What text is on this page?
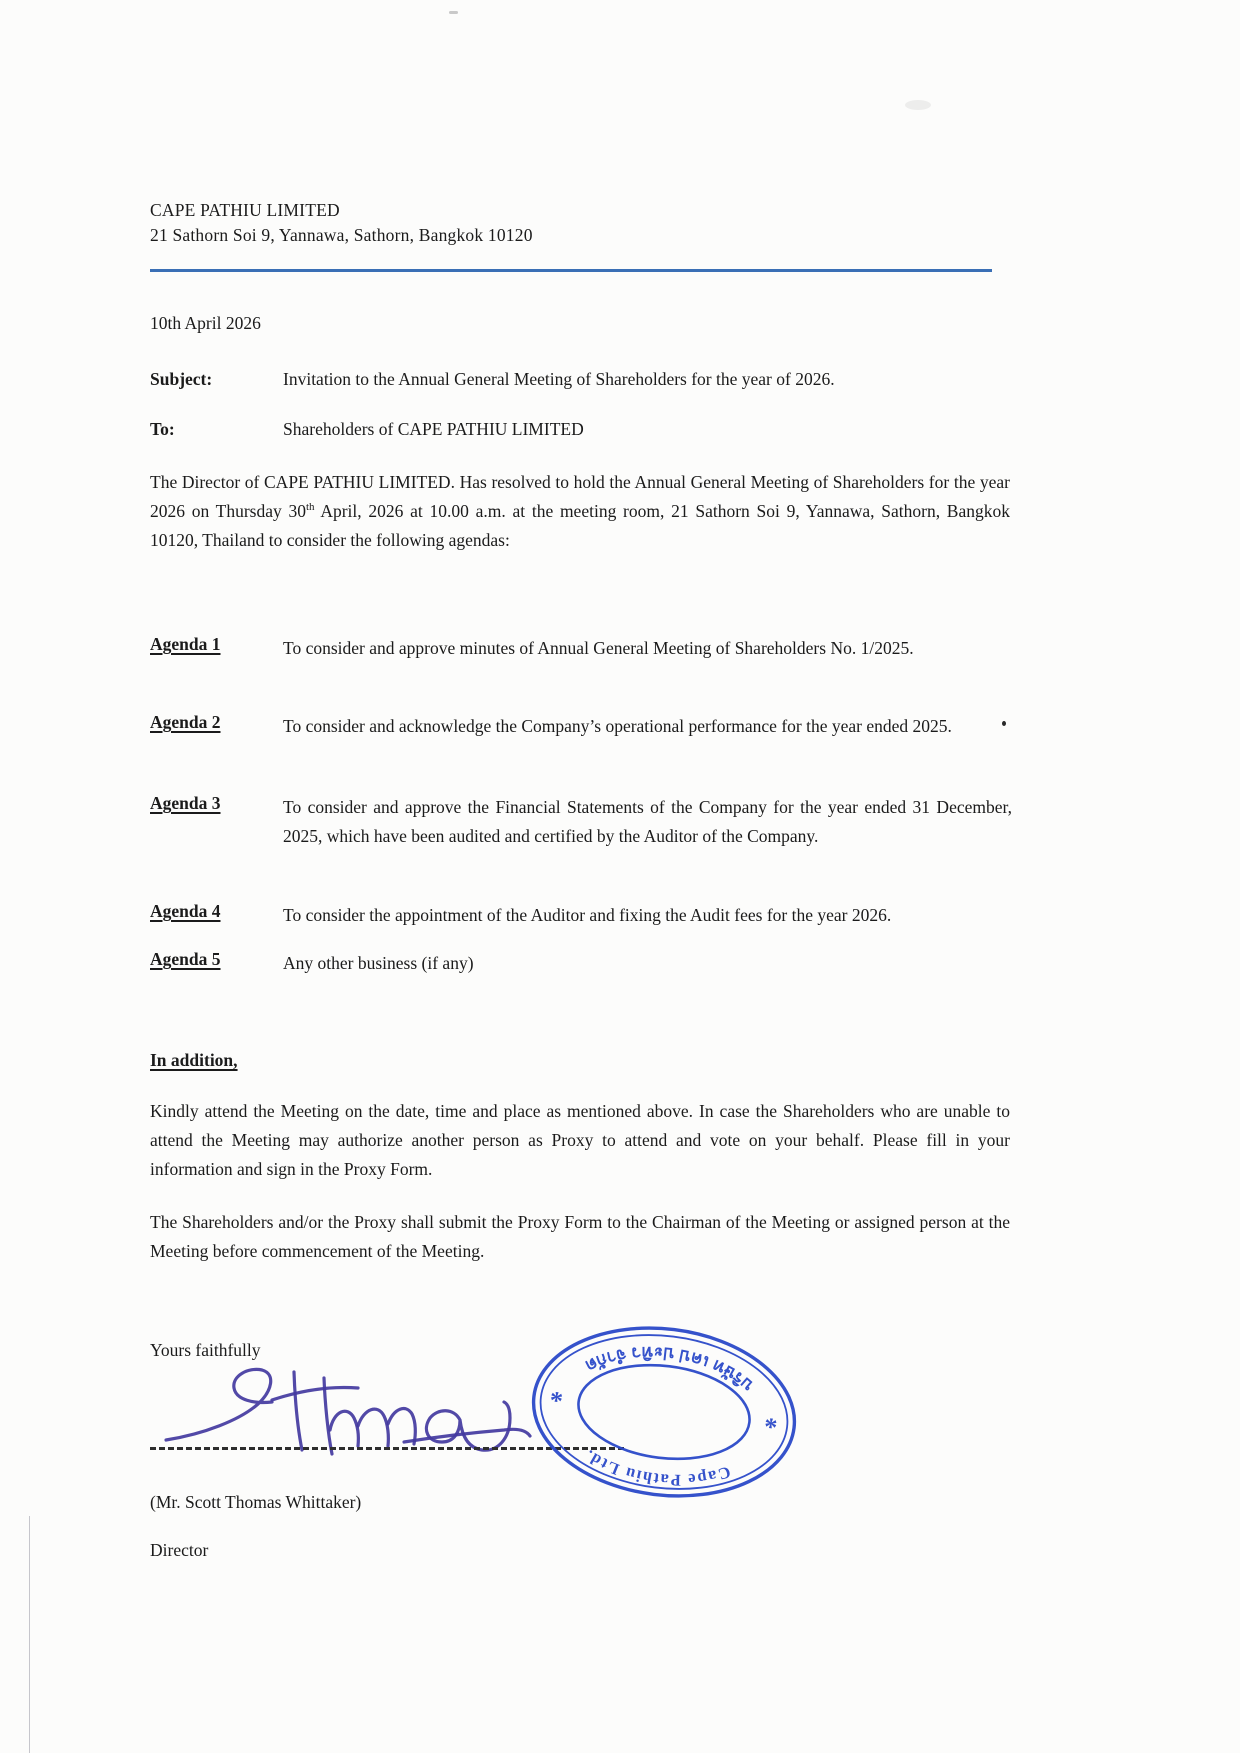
CAPE PATHIU LIMITED
21 Sathorn Soi 9, Yannawa, Sathorn, Bangkok 10120
10th April 2026
Subject:	Invitation to the Annual General Meeting of Shareholders for the year of 2026.
To:	Shareholders of CAPE PATHIU LIMITED
The Director of CAPE PATHIU LIMITED. Has resolved to hold the Annual General Meeting of Shareholders for the year 2026 on Thursday 30th April, 2026 at 10.00 a.m. at the meeting room, 21 Sathorn Soi 9, Yannawa, Sathorn, Bangkok 10120, Thailand to consider the following agendas:
Agenda 1	To consider and approve minutes of Annual General Meeting of Shareholders No. 1/2025.
Agenda 2	To consider and acknowledge the Company’s operational performance for the year ended 2025.
Agenda 3	To consider and approve the Financial Statements of the Company for the year ended 31 December, 2025, which have been audited and certified by the Auditor of the Company.
Agenda 4	To consider the appointment of the Auditor and fixing the Audit fees for the year 2026.
Agenda 5	Any other business (if any)
In addition,
Kindly attend the Meeting on the date, time and place as mentioned above. In case the Shareholders who are unable to attend the Meeting may authorize another person as Proxy to attend and vote on your behalf. Please fill in your information and sign in the Proxy Form.
The Shareholders and/or the Proxy shall submit the Proxy Form to the Chairman of the Meeting or assigned person at the Meeting before commencement of the Meeting.
Yours faithfully
Cape Pathiu Ltd.
บริษัท เคป ปะทิว จำกัด
*
*
(Mr. Scott Thomas Whittaker)
Director
